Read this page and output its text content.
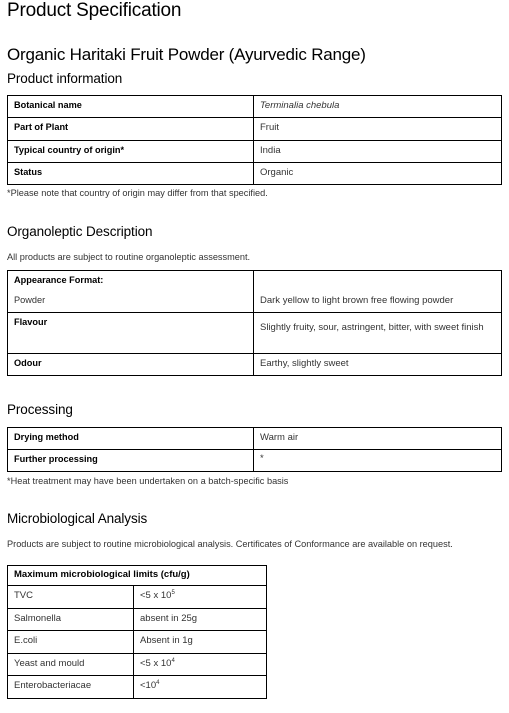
Product Specification
Organic Haritaki Fruit Powder (Ayurvedic Range)
Product information
Botanical name	Terminalia chebula
Part of Plant	Fruit
Typical country of origin*	India
Status	Organic

*Please note that country of origin may differ from that specified.

Organoleptic Description

All products are subject to routine organoleptic assessment.

Appearance Format:
Powder	Dark yellow to light brown free flowing powder
Flavour	Slightly fruity, sour, astringent, bitter, with sweet finish
Odour	Earthy, slightly sweet
Processing
Drying method	Warm air
Further processing	*

*Heat treatment may have been undertaken on a batch-specific basis

Microbiological Analysis

Products are subject to routine microbiological analysis. Certificates of Conformance are available on request.

Maximum microbiological limits (cfu/g)	
TVC	<5 x $10^5$
Salmonella	absent in 25g
E.coli	Absent in 1g
Yeast and mould	<5 x $10^4$
Enterobacteriacae	$<10^4$
